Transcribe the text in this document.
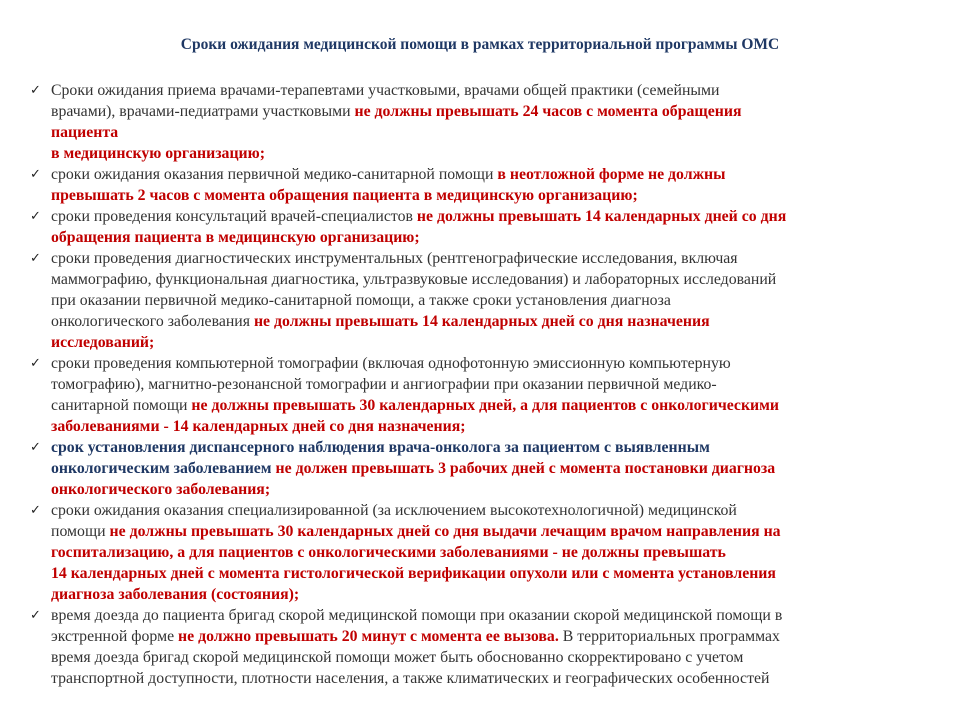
Сроки ожидания медицинской помощи в рамках территориальной программы ОМС
✓ Сроки ожидания приема врачами-терапевтами участковыми, врачами общей практики (семейными
врачами), врачами-педиатрами участковыми не должны превышать 24 часов с момента обращения
пациента
в медицинскую организацию;
✓ сроки ожидания оказания первичной медико-санитарной помощи в неотложной форме не должны
превышать 2 часов с момента обращения пациента в медицинскую организацию;
✓ сроки проведения консультаций врачей-специалистов не должны превышать 14 календарных дней со дня
обращения пациента в медицинскую организацию;
✓ сроки проведения диагностических инструментальных (рентгенографические исследования, включая
маммографию, функциональная диагностика, ультразвуковые исследования) и лабораторных исследований
при оказании первичной медико-санитарной помощи, а также сроки установления диагноза
онкологического заболевания не должны превышать 14 календарных дней со дня назначения
исследований;
✓ сроки проведения компьютерной томографии (включая однофотонную эмиссионную компьютерную
томографию), магнитно-резонансной томографии и ангиографии при оказании первичной медико-
санитарной помощи не должны превышать 30 календарных дней, а для пациентов с онкологическими
заболеваниями - 14 календарных дней со дня назначения;
✓ срок установления диспансерного наблюдения врача-онколога за пациентом с выявленным
онкологическим заболеванием не должен превышать 3 рабочих дней с момента постановки диагноза
онкологического заболевания;
✓ сроки ожидания оказания специализированной (за исключением высокотехнологичной) медицинской
помощи не должны превышать 30 календарных дней со дня выдачи лечащим врачом направления на
госпитализацию, а для пациентов с онкологическими заболеваниями - не должны превышать
14 календарных дней с момента гистологической верификации опухоли или с момента установления
диагноза заболевания (состояния);
✓ время доезда до пациента бригад скорой медицинской помощи при оказании скорой медицинской помощи в
экстренной форме не должно превышать 20 минут с момента ее вызова. В территориальных программах
время доезда бригад скорой медицинской помощи может быть обоснованно скорректировано с учетом
транспортной доступности, плотности населения, а также климатических и географических особенностей
